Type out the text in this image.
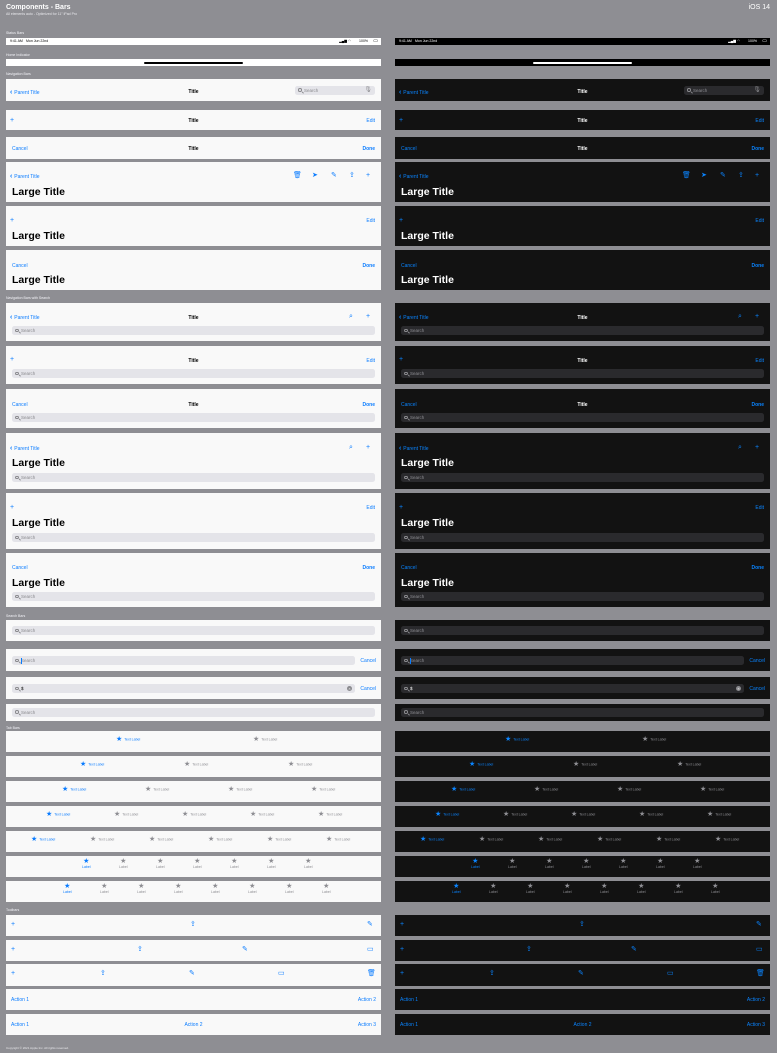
Components - Bars
All elements auto - Optimized for 11" iPad Pro
iOS 14
Status Bars
Home Indicator
Navigation Bars
Navigation Bars with Search
Search Bars
Tab Bars
Toolbars
9:41 AM Mon Jun 22nd	▂▄▆ ◠ 100% ▭
‹ Parent Title	Title	Search	🎙
+	Title	Edit
Cancel	Title	Done
‹ Parent Title	🗑 ➤ ✎ ⇪ +
Large Title
+	Edit
Large Title
Cancel	Done
Large Title
‹ Parent Title	Title	⌕ +
Search
+	Title	Edit
Search
Cancel	Title	Done
Search
‹ Parent Title	⌕ +
Large Title
Search
+	Edit
Large Title
Search
Cancel	Done
Large Title
Search
Search
Search	Cancel
$	× Cancel
Search
★ Text Label	★ Text Label
★ Text Label	★ Text Label	★ Text Label
★ Text Label	★ Text Label	★ Text Label	★ Text Label
★ Text Label	★ Text Label	★ Text Label	★ Text Label	★ Text Label
★ Text Label	★ Text Label	★ Text Label	★ Text Label	★ Text Label	★ Text Label
★
Label
★
Label
★
Label
★
Label
★
Label
★
Label
★
Label
★
Label
★
Label
★
Label
★
Label
★
Label
★
Label
★
Label
★
Label
+	⇪	✎
+	⇪	✎	▭
+	⇪	✎	▭	🗑
Action 1	Action 2
Action 1	Action 2	Action 3
9:41 AM Mon Jun 22nd	▂▄▆ ◠ 100% ▭
‹ Parent Title	Title	Search	🎙
+	Title	Edit
Cancel	Title	Done
‹ Parent Title	🗑 ➤ ✎ ⇪ +
Large Title
+	Edit
Large Title
Cancel	Done
Large Title
‹ Parent Title	Title	⌕ +
Search
+	Title	Edit
Search
Cancel	Title	Done
Search
‹ Parent Title	⌕ +
Large Title
Search
+	Edit
Large Title
Search
Cancel	Done
Large Title
Search
Search
Search	Cancel
$	× Cancel
Search
★ Text Label	★ Text Label
★ Text Label	★ Text Label	★ Text Label
★ Text Label	★ Text Label	★ Text Label	★ Text Label
★ Text Label	★ Text Label	★ Text Label	★ Text Label	★ Text Label
★ Text Label	★ Text Label	★ Text Label	★ Text Label	★ Text Label	★ Text Label
★
Label
★
Label
★
Label
★
Label
★
Label
★
Label
★
Label
★
Label
★
Label
★
Label
★
Label
★
Label
★
Label
★
Label
★
Label
+	⇪	✎
+	⇪	✎	▭
+	⇪	✎	▭	🗑
Action 1	Action 2
Action 1	Action 2	Action 3
Copyright © 2021 Apple Inc. All rights reserved.
